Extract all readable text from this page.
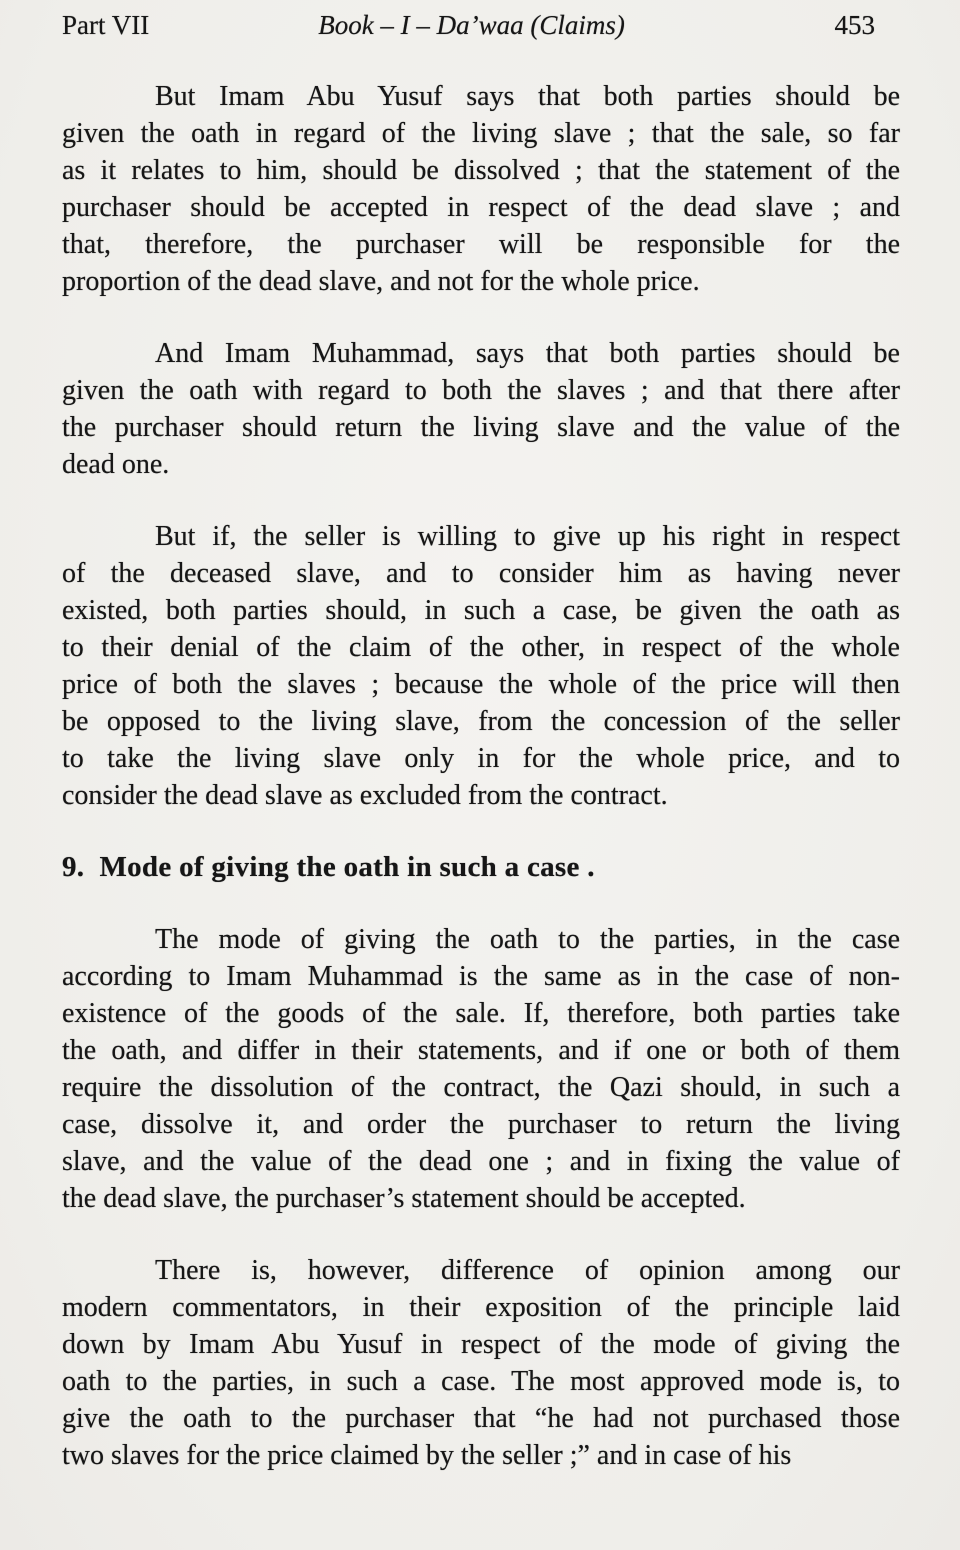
Part VII	Book – I – Da’waa (Claims)	453
But Imam Abu Yusuf says that both parties should be
given the oath in regard of the living slave ; that the sale, so far
as it relates to him, should be dissolved ; that the statement of the
purchaser should be accepted in respect of the dead slave ; and
that, therefore, the purchaser will be responsible for the
proportion of the dead slave, and not for the whole price.
And Imam Muhammad, says that both parties should be
given the oath with regard to both the slaves ; and that there after
the purchaser should return the living slave and the value of the
dead one.
But if, the seller is willing to give up his right in respect
of the deceased slave, and to consider him as having never
existed, both parties should, in such a case, be given the oath as
to their denial of the claim of the other, in respect of the whole
price of both the slaves ; because the whole of the price will then
be opposed to the living slave, from the concession of the seller
to take the living slave only in for the whole price, and to
consider the dead slave as excluded from the contract.
9.  Mode of giving the oath in such a case .
The mode of giving the oath to the parties, in the case
according to Imam Muhammad is the same as in the case of non-
existence of the goods of the sale. If, therefore, both parties take
the oath, and differ in their statements, and if one or both of them
require the dissolution of the contract, the Qazi should, in such a
case, dissolve it, and order the purchaser to return the living
slave, and the value of the dead one ; and in fixing the value of
the dead slave, the purchaser’s statement should be accepted.
There is, however, difference of opinion among our
modern commentators, in their exposition of the principle laid
down by Imam Abu Yusuf in respect of the mode of giving the
oath to the parties, in such a case. The most approved mode is, to
give the oath to the purchaser that “he had not purchased those
two slaves for the price claimed by the seller ;” and in case of his
